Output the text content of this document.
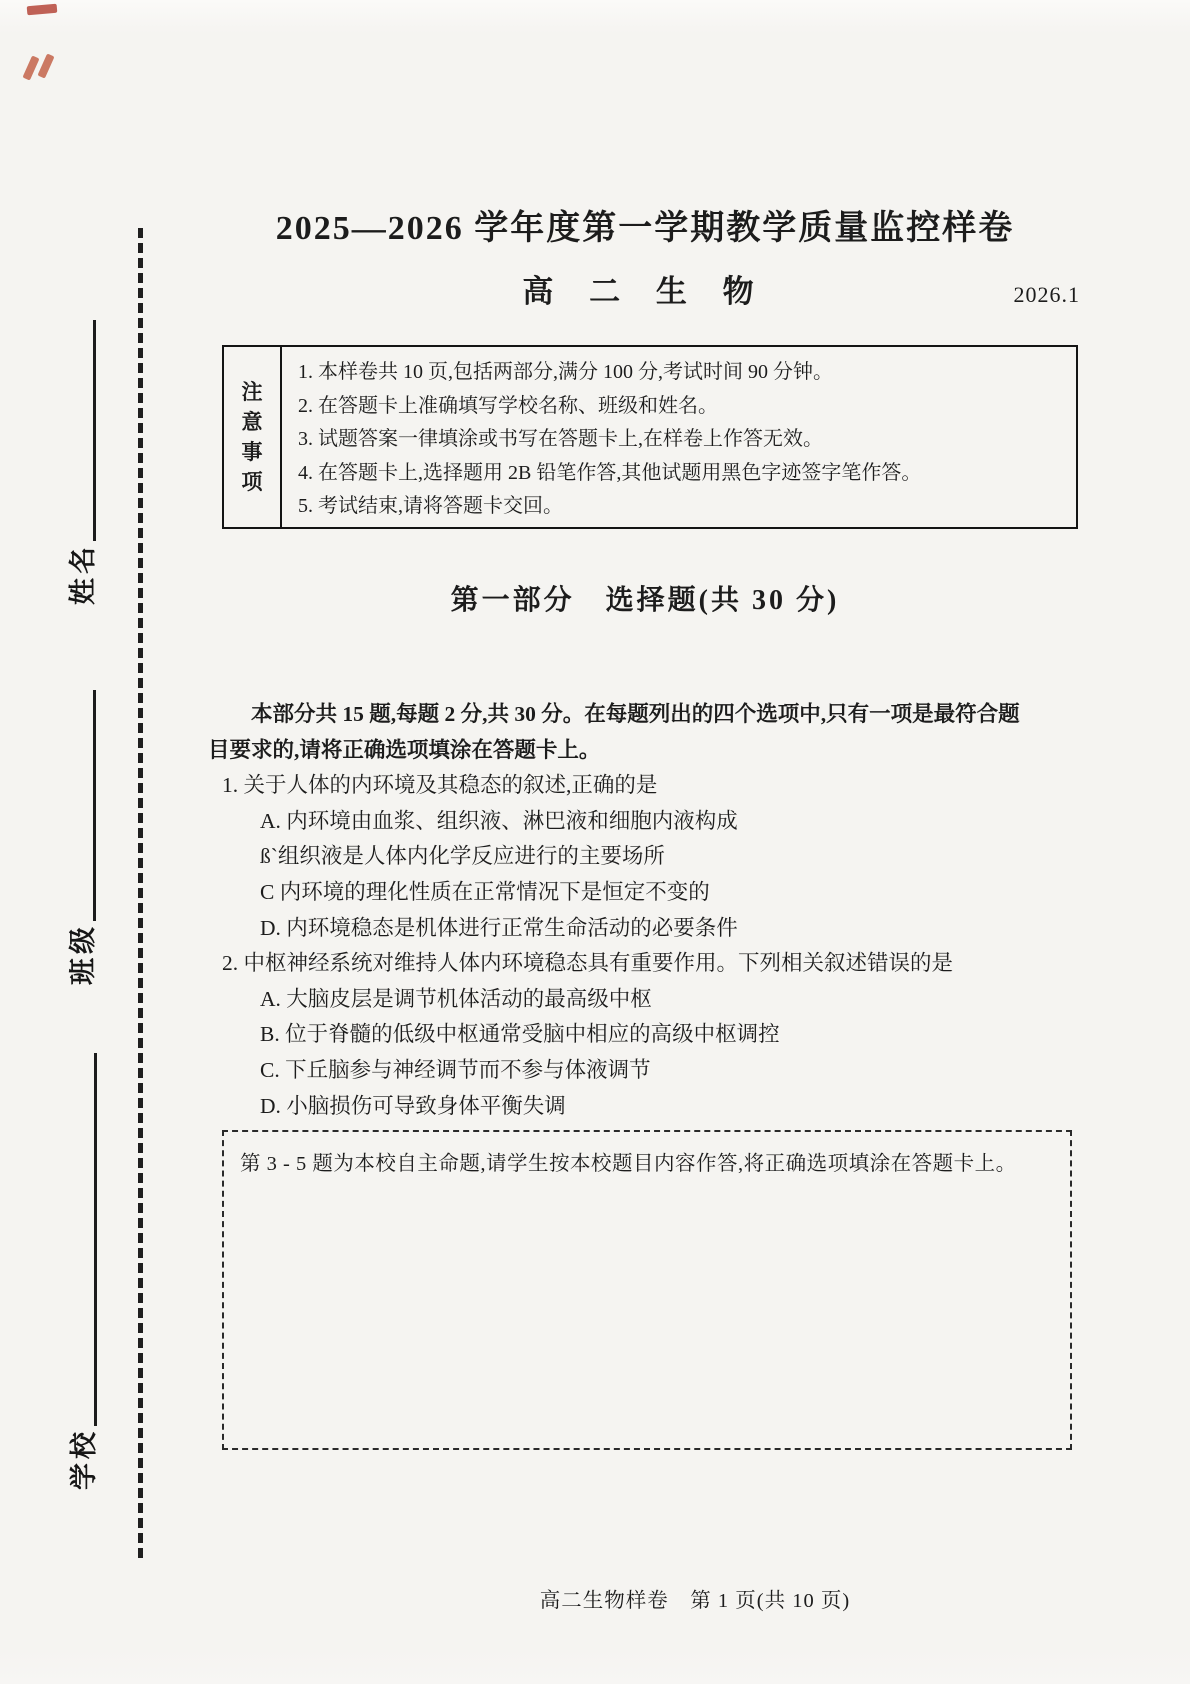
姓名
班级
学校
2025—2026 学年度第一学期教学质量监控样卷
高 二 生 物	2026.1
注意事项
1. 本样卷共 10 页,包括两部分,满分 100 分,考试时间 90 分钟。
2. 在答题卡上准确填写学校名称、班级和姓名。
3. 试题答案一律填涂或书写在答题卡上,在样卷上作答无效。
4. 在答题卡上,选择题用 2B 铅笔作答,其他试题用黑色字迹签字笔作答。
5. 考试结束,请将答题卡交回。
第一部分　选择题(共 30 分)
本部分共 15 题,每题 2 分,共 30 分。在每题列出的四个选项中,只有一项是最符合题
目要求的,请将正确选项填涂在答题卡上。
1. 关于人体的内环境及其稳态的叙述,正确的是
A. 内环境由血浆、组织液、淋巴液和细胞内液构成
ß`组织液是人体内化学反应进行的主要场所
C 内环境的理化性质在正常情况下是恒定不变的
D. 内环境稳态是机体进行正常生命活动的必要条件
2. 中枢神经系统对维持人体内环境稳态具有重要作用。下列相关叙述错误的是
A. 大脑皮层是调节机体活动的最高级中枢
B. 位于脊髓的低级中枢通常受脑中相应的高级中枢调控
C. 下丘脑参与神经调节而不参与体液调节
D. 小脑损伤可导致身体平衡失调
第 3 - 5 题为本校自主命题,请学生按本校题目内容作答,将正确选项填涂在答题卡上。
高二生物样卷　第 1 页(共 10 页)
